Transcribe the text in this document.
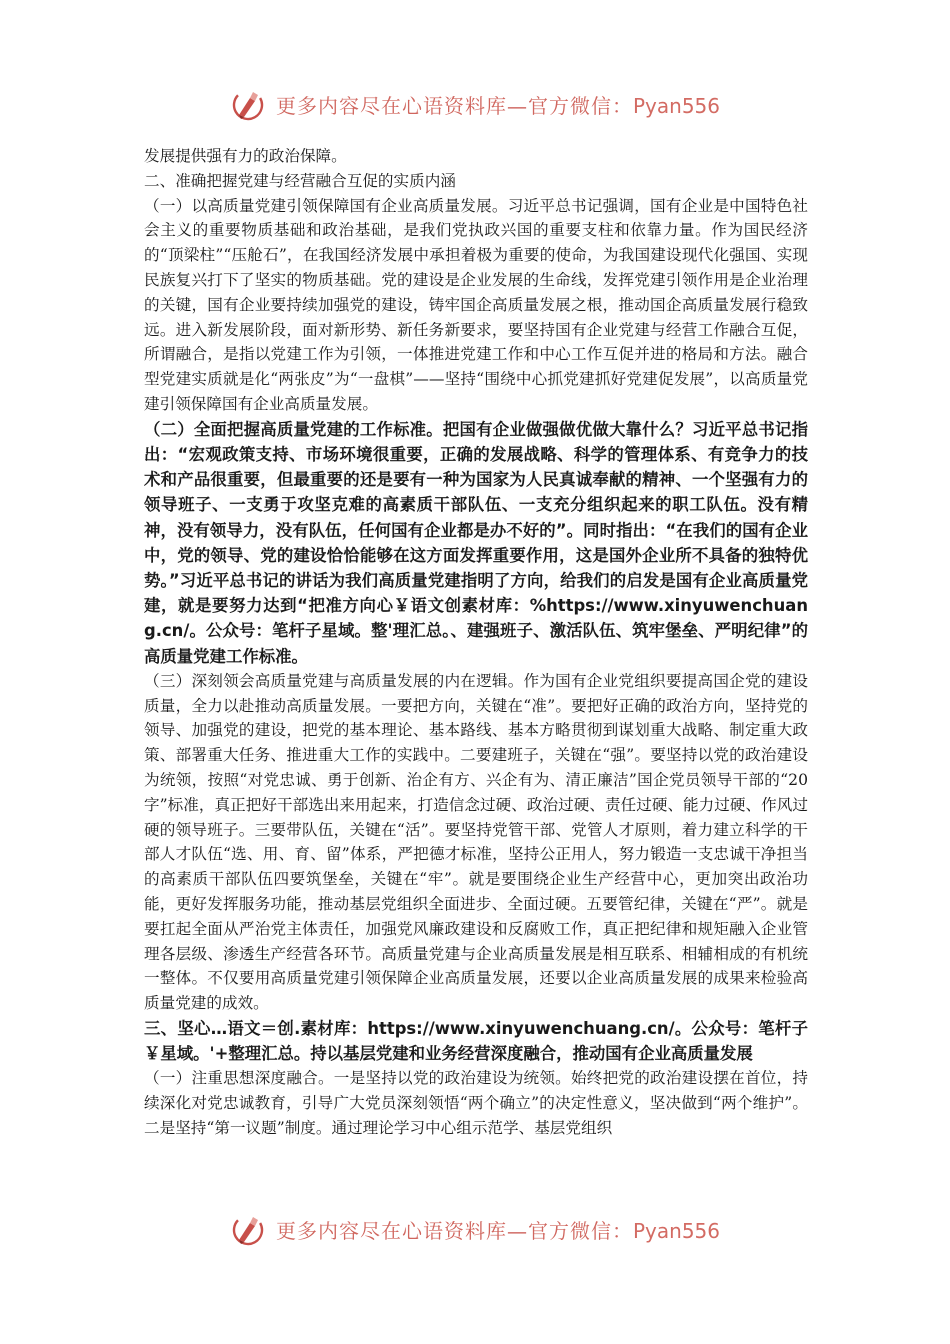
更多内容尽在心语资料库—官方微信：Pyan556

发展提供强有力的政治保障。

二、准确把握党建与经营融合互促的实质内涵

（一）以高质量党建引领保障国有企业高质量发展。习近平总书记强调，国有企业是中国特色社会主义的重要物质基础和政治基础，是我们党执政兴国的重要支柱和依靠力量。作为国民经济的“顶梁柱”“压舱石”，在我国经济发展中承担着极为重要的使命，为我国建设现代化强国、实现民族复兴打下了坚实的物质基础。党的建设是企业发展的生命线，发挥党建引领作用是企业治理的关键，国有企业要持续加强党的建设，铸牢国企高质量发展之根，推动国企高质量发展行稳致远。进入新发展阶段，面对新形势、新任务新要求，要坚持国有企业党建与经营工作融合互促，所谓融合，是指以党建工作为引领，一体推进党建工作和中心工作互促并进的格局和方法。融合型党建实质就是化“两张皮”为“一盘棋”——坚持“围绕中心抓党建抓好党建促发展”，以高质量党建引领保障国有企业高质量发展。

（二）全面把握高质量党建的工作标准。把国有企业做强做优做大靠什么？习近平总书记指出：“宏观政策支持、市场环境很重要，正确的发展战略、科学的管理体系、有竞争力的技术和产品很重要，但最重要的还是要有一种为国家为人民真诚奉献的精神、一个坚强有力的领导班子、一支勇于攻坚克难的高素质干部队伍、一支充分组织起来的职工队伍。没有精神，没有领导力，没有队伍，任何国有企业都是办不好的”。同时指出：“在我们的国有企业中，党的领导、党的建设恰恰能够在这方面发挥重要作用，这是国外企业所不具备的独特优势。”习近平总书记的讲话为我们高质量党建指明了方向，给我们的启发是国有企业高质量党建，就是要努力达到“把准方向心￥语文创素材库：%https://www.xinyuwenchuang.cn/。公众号：笔杆子星域。整'理汇总。、建强班子、激活队伍、筑牢堡垒、严明纪律”的高质量党建工作标准。

（三）深刻领会高质量党建与高质量发展的内在逻辑。作为国有企业党组织要提高国企党的建设质量，全力以赴推动高质量发展。一要把方向，关键在“准”。要把好正确的政治方向，坚持党的领导、加强党的建设，把党的基本理论、基本路线、基本方略贯彻到谋划重大战略、制定重大政策、部署重大任务、推进重大工作的实践中。二要建班子，关键在“强”。要坚持以党的政治建设为统领，按照“对党忠诚、勇于创新、治企有方、兴企有为、清正廉洁”国企党员领导干部的“20字”标准，真正把好干部选出来用起来，打造信念过硬、政治过硬、责任过硬、能力过硬、作风过硬的领导班子。三要带队伍，关键在“活”。要坚持党管干部、党管人才原则，着力建立科学的干部人才队伍“选、用、育、留”体系，严把德才标准，坚持公正用人，努力锻造一支忠诚干净担当的高素质干部队伍四要筑堡垒，关键在“牢”。就是要围绕企业生产经营中心，更加突出政治功能，更好发挥服务功能，推动基层党组织全面进步、全面过硬。五要管纪律，关键在“严”。就是要扛起全面从严治党主体责任，加强党风廉政建设和反腐败工作，真正把纪律和规矩融入企业管理各层级、渗透生产经营各环节。高质量党建与企业高质量发展是相互联系、相辅相成的有机统一整体。不仅要用高质量党建引领保障企业高质量发展，还要以企业高质量发展的成果来检验高质量党建的成效。

三、坚心…语文＝创.素材库：https://www.xinyuwenchuang.cn/。公众号：笔杆子￥星域。'+整理汇总。持以基层党建和业务经营深度融合，推动国有企业高质量发展

（一）注重思想深度融合。一是坚持以党的政治建设为统领。始终把党的政治建设摆在首位，持续深化对党忠诚教育，引导广大党员深刻领悟“两个确立”的决定性意义，坚决做到“两个维护”。二是坚持“第一议题”制度。通过理论学习中心组示范学、基层党组织

更多内容尽在心语资料库—官方微信：Pyan556
